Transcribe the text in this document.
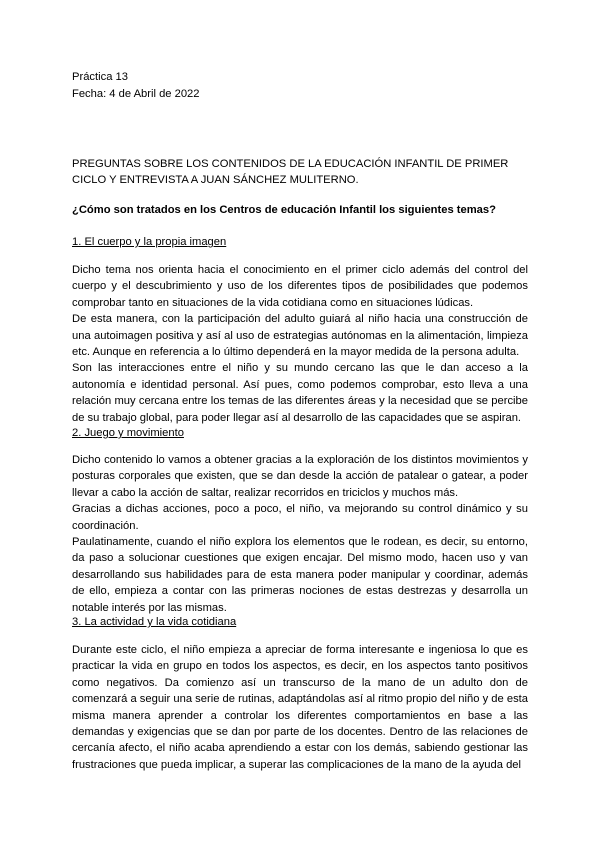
Práctica 13
Fecha: 4 de Abril de 2022

PREGUNTAS SOBRE LOS CONTENIDOS DE LA EDUCACIÓN INFANTIL DE PRIMER CICLO Y ENTREVISTA A JUAN SÁNCHEZ MULITERNO.

¿Cómo son tratados en los Centros de educación Infantil los siguientes temas?

1. El cuerpo y la propia imagen

Dicho tema nos orienta hacia el conocimiento en el primer ciclo además del control del cuerpo y el descubrimiento y uso de los diferentes tipos de posibilidades que podemos comprobar tanto en situaciones de la vida cotidiana como en situaciones lúdicas.

De esta manera, con la participación del adulto guiará al niño hacia una construcción de una autoimagen positiva y así al uso de estrategias autónomas en la alimentación, limpieza etc. Aunque en referencia a lo último dependerá en la mayor medida de la persona adulta.

Son las interacciones entre el niño y su mundo cercano las que le dan acceso a la autonomía e identidad personal. Así pues, como podemos comprobar, esto lleva a una relación muy cercana entre los temas de las diferentes áreas y la necesidad que se percibe de su trabajo global, para poder llegar así al desarrollo de las capacidades que se aspiran.

2. Juego y movimiento

Dicho contenido lo vamos a obtener gracias a la exploración de los distintos movimientos y posturas corporales que existen, que se dan desde la acción de patalear o gatear, a poder llevar a cabo la acción de saltar, realizar recorridos en triciclos y muchos más.

Gracias a dichas acciones, poco a poco, el niño, va mejorando su control dinámico y su coordinación.

Paulatinamente, cuando el niño explora los elementos que le rodean, es decir, su entorno, da paso a solucionar cuestiones que exigen encajar. Del mismo modo, hacen uso y van desarrollando sus habilidades para de esta manera poder manipular y coordinar, además de ello, empieza a contar con las primeras nociones de estas destrezas y desarrolla un notable interés por las mismas.

3. La actividad y la vida cotidiana

Durante este ciclo, el niño empieza a apreciar de forma interesante e ingeniosa lo que es practicar la vida en grupo en todos los aspectos, es decir, en los aspectos tanto positivos como negativos. Da comienzo así un transcurso de la mano de un adulto don de comenzará a seguir una serie de rutinas, adaptándolas así al ritmo propio del niño y de esta misma manera aprender a controlar los diferentes comportamientos en base a las demandas y exigencias que se dan por parte de los docentes. Dentro de las relaciones de cercanía afecto, el niño acaba aprendiendo a estar con los demás, sabiendo gestionar las frustraciones que pueda implicar, a superar las complicaciones de la mano de la ayuda del
